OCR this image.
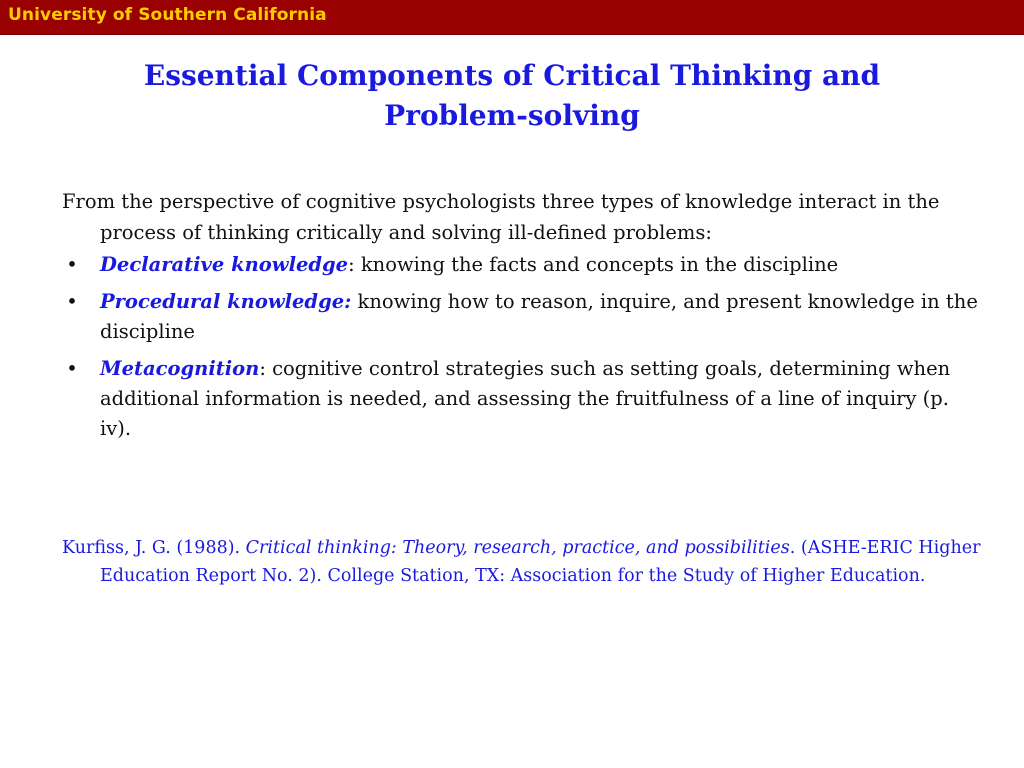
University of Southern California
Essential Components of Critical Thinking and
Problem-solving

From the perspective of cognitive psychologists three types of knowledge interact in the process of thinking critically and solving ill-defined problems:

• Declarative knowledge: knowing the facts and concepts in the discipline
• Procedural knowledge: knowing how to reason, inquire, and present knowledge in the discipline
• Metacognition: cognitive control strategies such as setting goals, determining when additional information is needed, and assessing the fruitfulness of a line of inquiry (p. iv).
Kurfiss, J. G. (1988). Critical thinking: Theory, research, practice, and possibilities. (ASHE-ERIC Higher Education Report No. 2). College Station, TX: Association for the Study of Higher Education.
